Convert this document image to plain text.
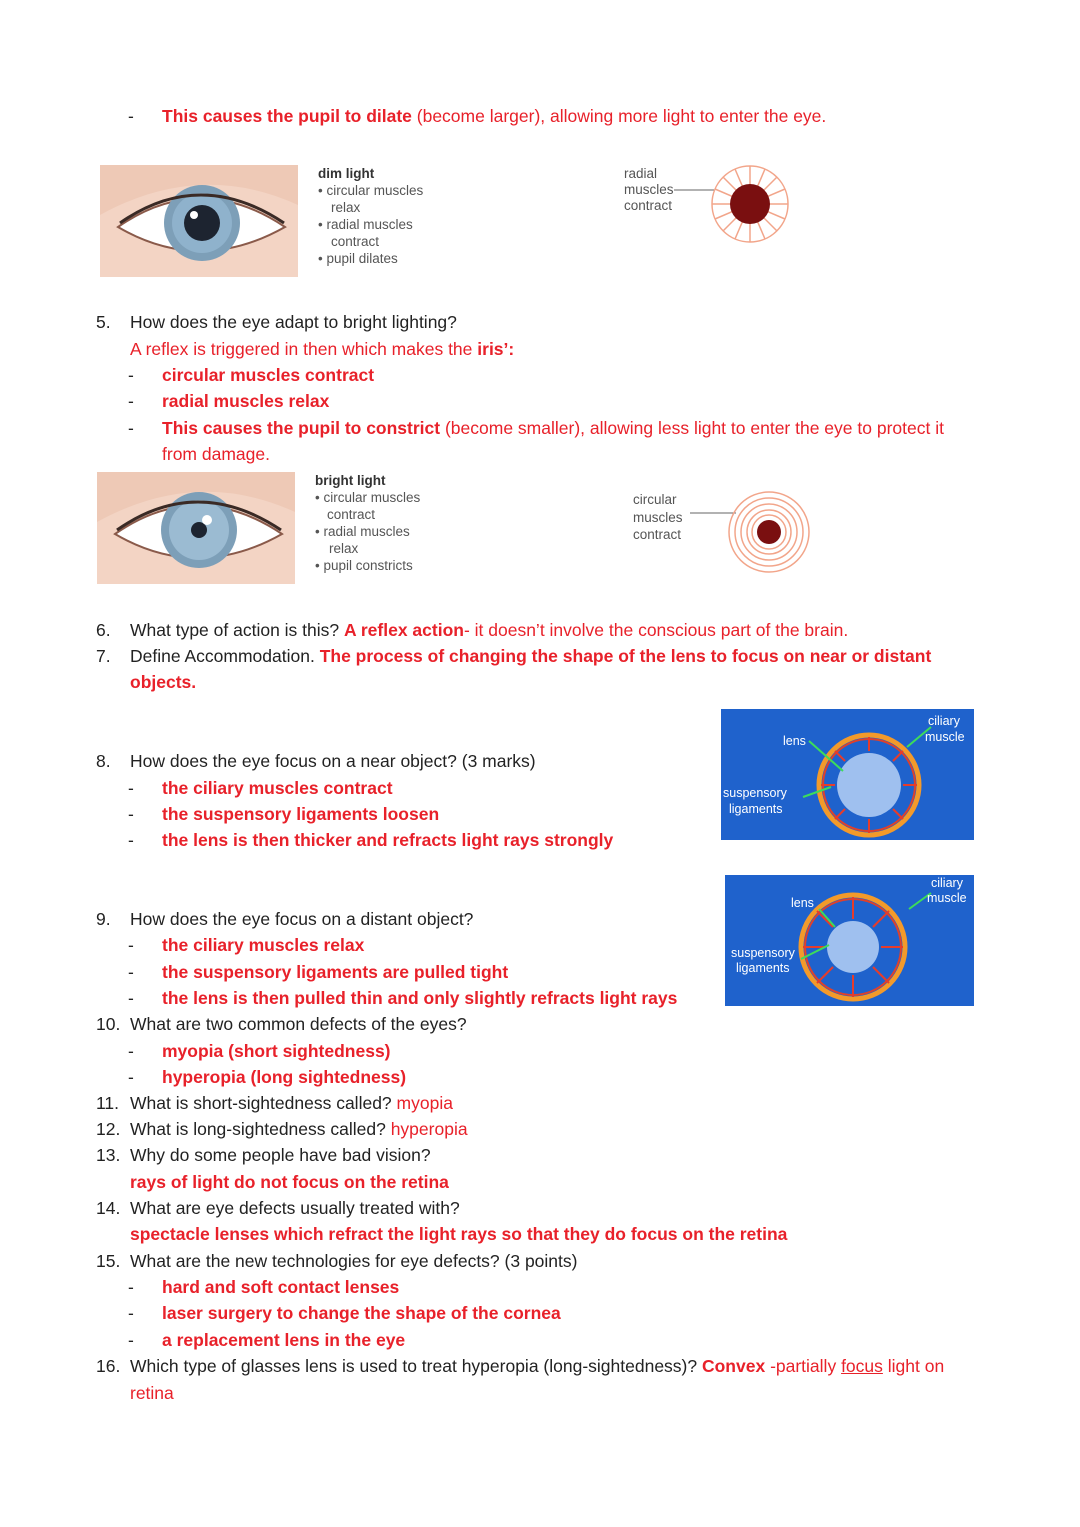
- This causes the pupil to dilate (become larger), allowing more light to enter the eye.
dim light
• circular muscles
relax
• radial muscles
contract
• pupil dilates
radial
muscles
contract
5. How does the eye adapt to bright lighting?
A reflex is triggered in then which makes the iris’:
- circular muscles contract
- radial muscles relax
- This causes the pupil to constrict (become smaller), allowing less light to enter the eye to protect it
from damage.
bright light
• circular muscles
contract
• radial muscles
relax
• pupil constricts
circular
muscles
contract
6. What type of action is this? A reflex action- it doesn’t involve the conscious part of the brain.
7. Define Accommodation. The process of changing the shape of the lens to focus on near or distant
objects.
lens
ciliary
muscle
suspensory
ligaments
8. How does the eye focus on a near object? (3 marks)
- the ciliary muscles contract
- the suspensory ligaments loosen
- the lens is then thicker and refracts light rays strongly
lens
ciliary
muscle
suspensory
ligaments
9. How does the eye focus on a distant object?
- the ciliary muscles relax
- the suspensory ligaments are pulled tight
- the lens is then pulled thin and only slightly refracts light rays
10. What are two common defects of the eyes?
- myopia (short sightedness)
- hyperopia (long sightedness)
11. What is short-sightedness called? myopia
12. What is long-sightedness called? hyperopia
13. Why do some people have bad vision?
rays of light do not focus on the retina
14. What are eye defects usually treated with?
spectacle lenses which refract the light rays so that they do focus on the retina
15. What are the new technologies for eye defects? (3 points)
- hard and soft contact lenses
- laser surgery to change the shape of the cornea
- a replacement lens in the eye
16. Which type of glasses lens is used to treat hyperopia (long-sightedness)? Convex -partially focus light on
retina
